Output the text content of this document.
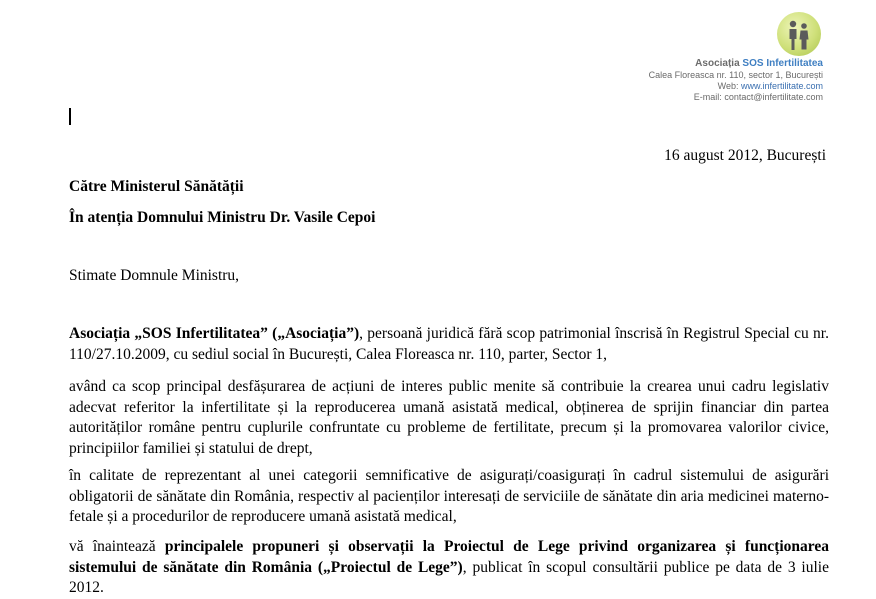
Asociația SOS Infertilitatea
Calea Floreasca nr. 110, sector 1, București
Web: www.infertilitate.com
E-mail: contact@infertilitate.com
16 august 2012, București
Către Ministerul Sănătății
În atenția Domnului Ministru Dr. Vasile Cepoi
Stimate Domnule Ministru,

Asociația „SOS Infertilitatea” („Asociația”), persoană juridică fără scop patrimonial înscrisă în Registrul Special cu nr. 110/27.10.2009, cu sediul social în București, Calea Floreasca nr. 110, parter, Sector 1,

având ca scop principal desfășurarea de acțiuni de interes public menite să contribuie la crearea unui cadru legislativ adecvat referitor la infertilitate și la reproducerea umană asistată medical, obținerea de sprijin financiar din partea autorităților române pentru cuplurile confruntate cu probleme de fertilitate, precum și la promovarea valorilor civice, principiilor familiei și statului de drept,

în calitate de reprezentant al unei categorii semnificative de asigurați/coasigurați în cadrul sistemului de asigurări obligatorii de sănătate din România, respectiv al pacienților interesați de serviciile de sănătate din aria medicinei materno-fetale și a procedurilor de reproducere umană asistată medical,

vă înaintează principalele propuneri și observații la Proiectul de Lege privind organizarea și funcționarea sistemului de sănătate din România („Proiectul de Lege”), publicat în scopul consultării publice pe data de 3 iulie 2012.
